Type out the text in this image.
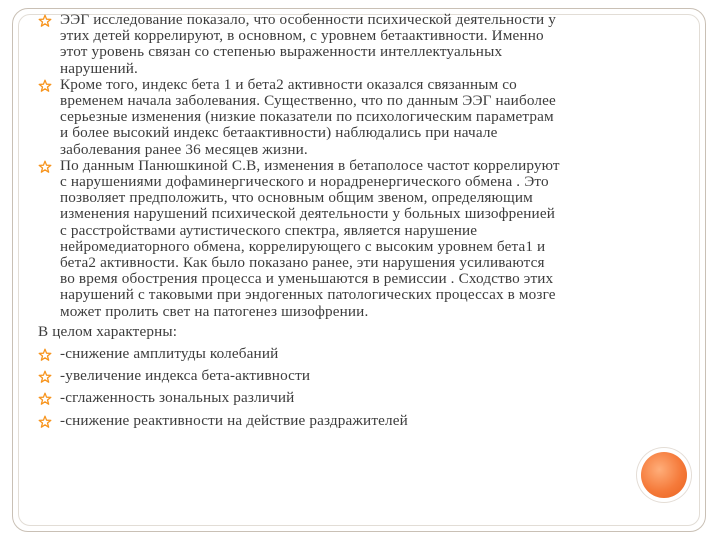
ЭЭГ исследование показало, что особенности психической деятельности у
этих детей коррелируют, в основном, с уровнем бетаактивности. Именно
этот уровень связан со степенью выраженности интеллектуальных
нарушений.
Кроме того, индекс бета 1 и бета2 активности оказался связанным со
временем начала заболевания. Существенно, что по данным ЭЭГ наиболее
серьезные изменения (низкие показатели по психологическим параметрам
и более высокий индекс бетаактивности) наблюдались при начале
заболевания ранее 36 месяцев жизни.
По данным Панюшкиной С.В, изменения в бетаполосе частот коррелируют
с нарушениями дофаминергического и норадренергического обмена . Это
позволяет предположить, что основным общим звеном, определяющим
изменения нарушений психической деятельности у больных шизофренией
с расстройствами аутистического спектра, является нарушение
нейромедиаторного обмена, коррелирующего с высоким уровнем бета1 и
бета2 активности. Как было показано ранее, эти нарушения усиливаются
во время обострения процесса и уменьшаются в ремиссии . Сходство этих
нарушений с таковыми при эндогенных патологических процессах в мозге
может пролить свет на патогенез шизофрении.
В целом характерны:
-снижение амплитуды колебаний
-увеличение индекса бета-активности
-сглаженность зональных различий
-снижение реактивности на действие раздражителей
